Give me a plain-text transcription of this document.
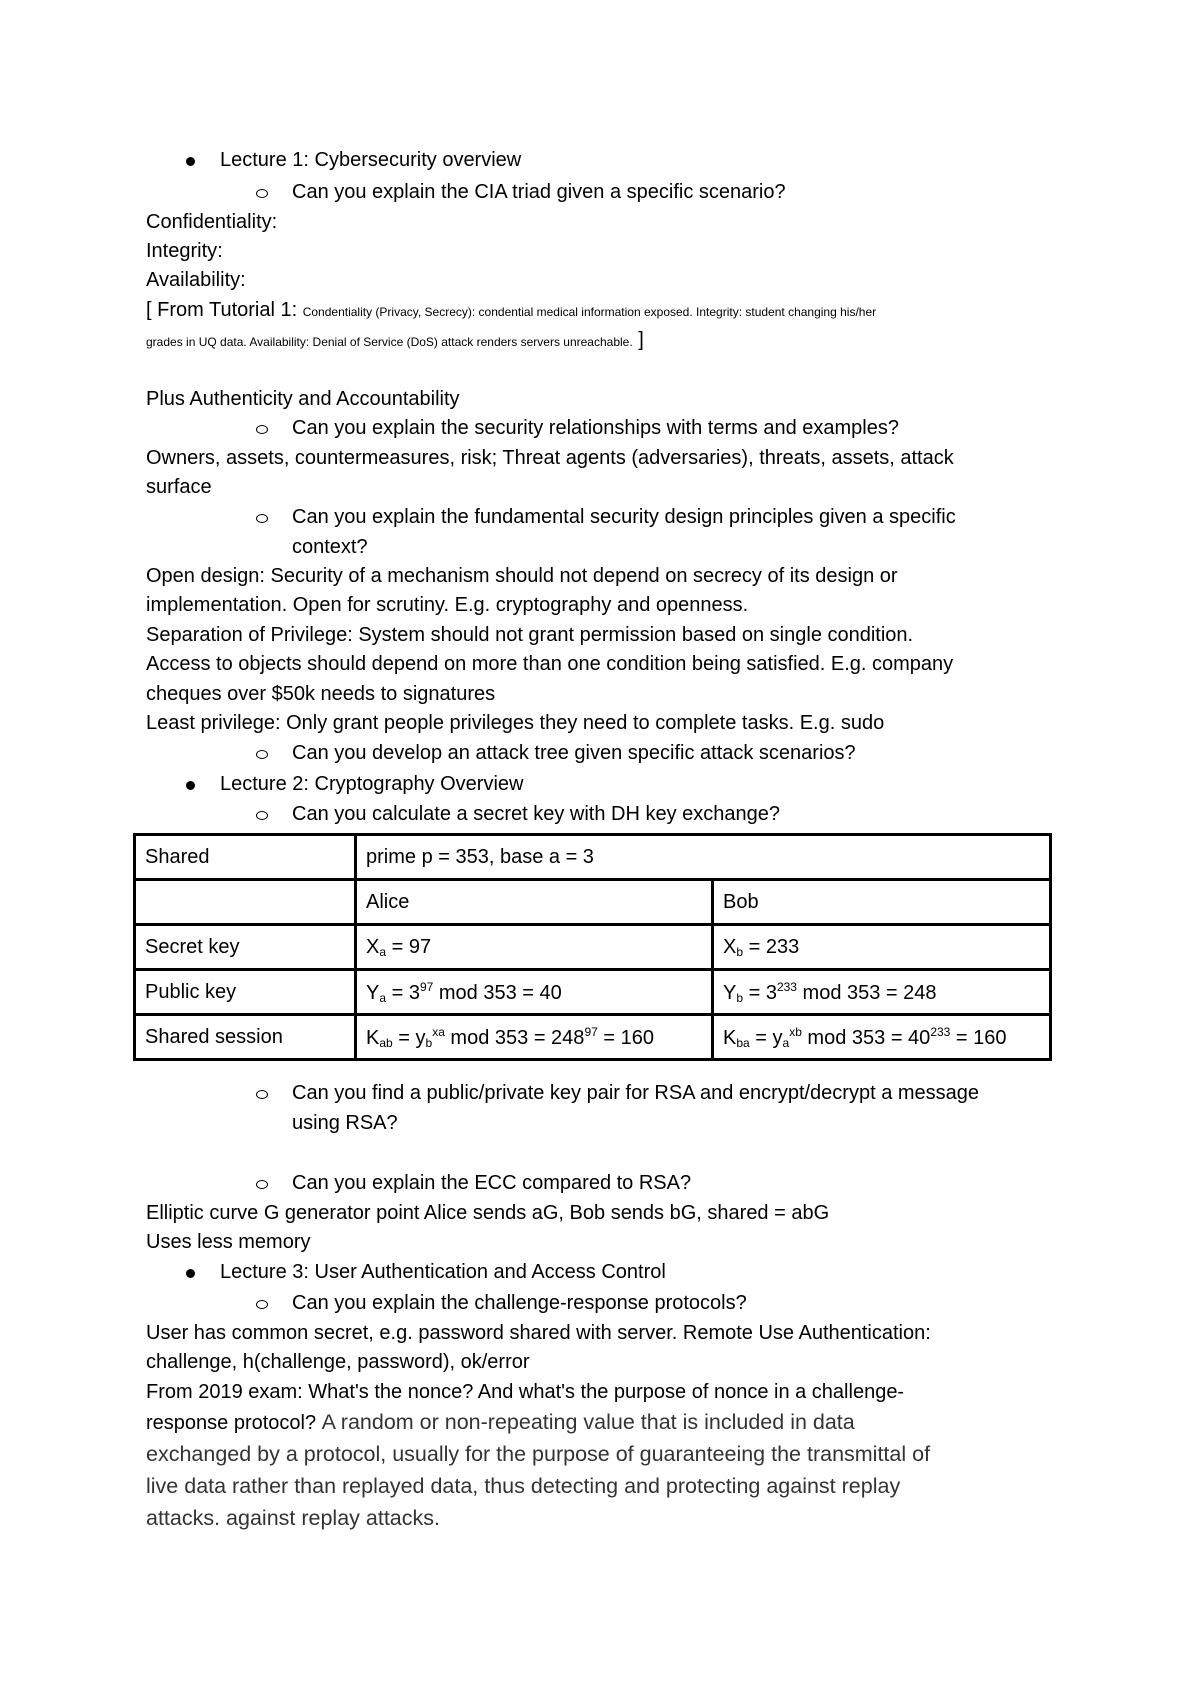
Lecture 1: Cybersecurity overview
Can you explain the CIA triad given a specific scenario?
Confidentiality:
Integrity:
Availability:
[ From Tutorial 1: Condentiality (Privacy, Secrecy): condential medical information exposed. Integrity: student changing his/her
grades in UQ data. Availability: Denial of Service (DoS) attack renders servers unreachable. ]
Plus Authenticity and Accountability
Can you explain the security relationships with terms and examples?
Owners, assets, countermeasures, risk; Threat agents (adversaries), threats, assets, attack
surface
Can you explain the fundamental security design principles given a specific
context?
Open design: Security of a mechanism should not depend on secrecy of its design or
implementation. Open for scrutiny. E.g. cryptography and openness.
Separation of Privilege: System should not grant permission based on single condition.
Access to objects should depend on more than one condition being satisfied. E.g. company
cheques over $50k needs to signatures
Least privilege: Only grant people privileges they need to complete tasks. E.g. sudo
Can you develop an attack tree given specific attack scenarios?
Lecture 2: Cryptography Overview
Can you calculate a secret key with DH key exchange?
Shared	prime p = 353, base a = 3	
	Alice	Bob
Secret key	$X_a = 97$	$X_b = 233$
Public key	$Y_a = 3^{97}$ mod 353 = 40	$Y_b = 3^{233}$ mod 353 = 248
Shared session	$K_{ab} = y_b^{xa}$ mod $353 = 248^{97} = 160$	$K_{ba} = y_a^{xb}$ mod $353 = 40^{233} = 160$
Can you find a public/private key pair for RSA and encrypt/decrypt a message
using RSA?
Can you explain the ECC compared to RSA?
Elliptic curve G generator point Alice sends aG, Bob sends bG, shared = abG
Uses less memory
Lecture 3: User Authentication and Access Control
Can you explain the challenge-response protocols?
User has common secret, e.g. password shared with server. Remote Use Authentication:
challenge, h(challenge, password), ok/error
From 2019 exam: What's the nonce? And what's the purpose of nonce in a challenge-
response protocol? A random or non-repeating value that is included in data
exchanged by a protocol, usually for the purpose of guaranteeing the transmittal of
live data rather than replayed data, thus detecting and protecting against replay
attacks. against replay attacks.
